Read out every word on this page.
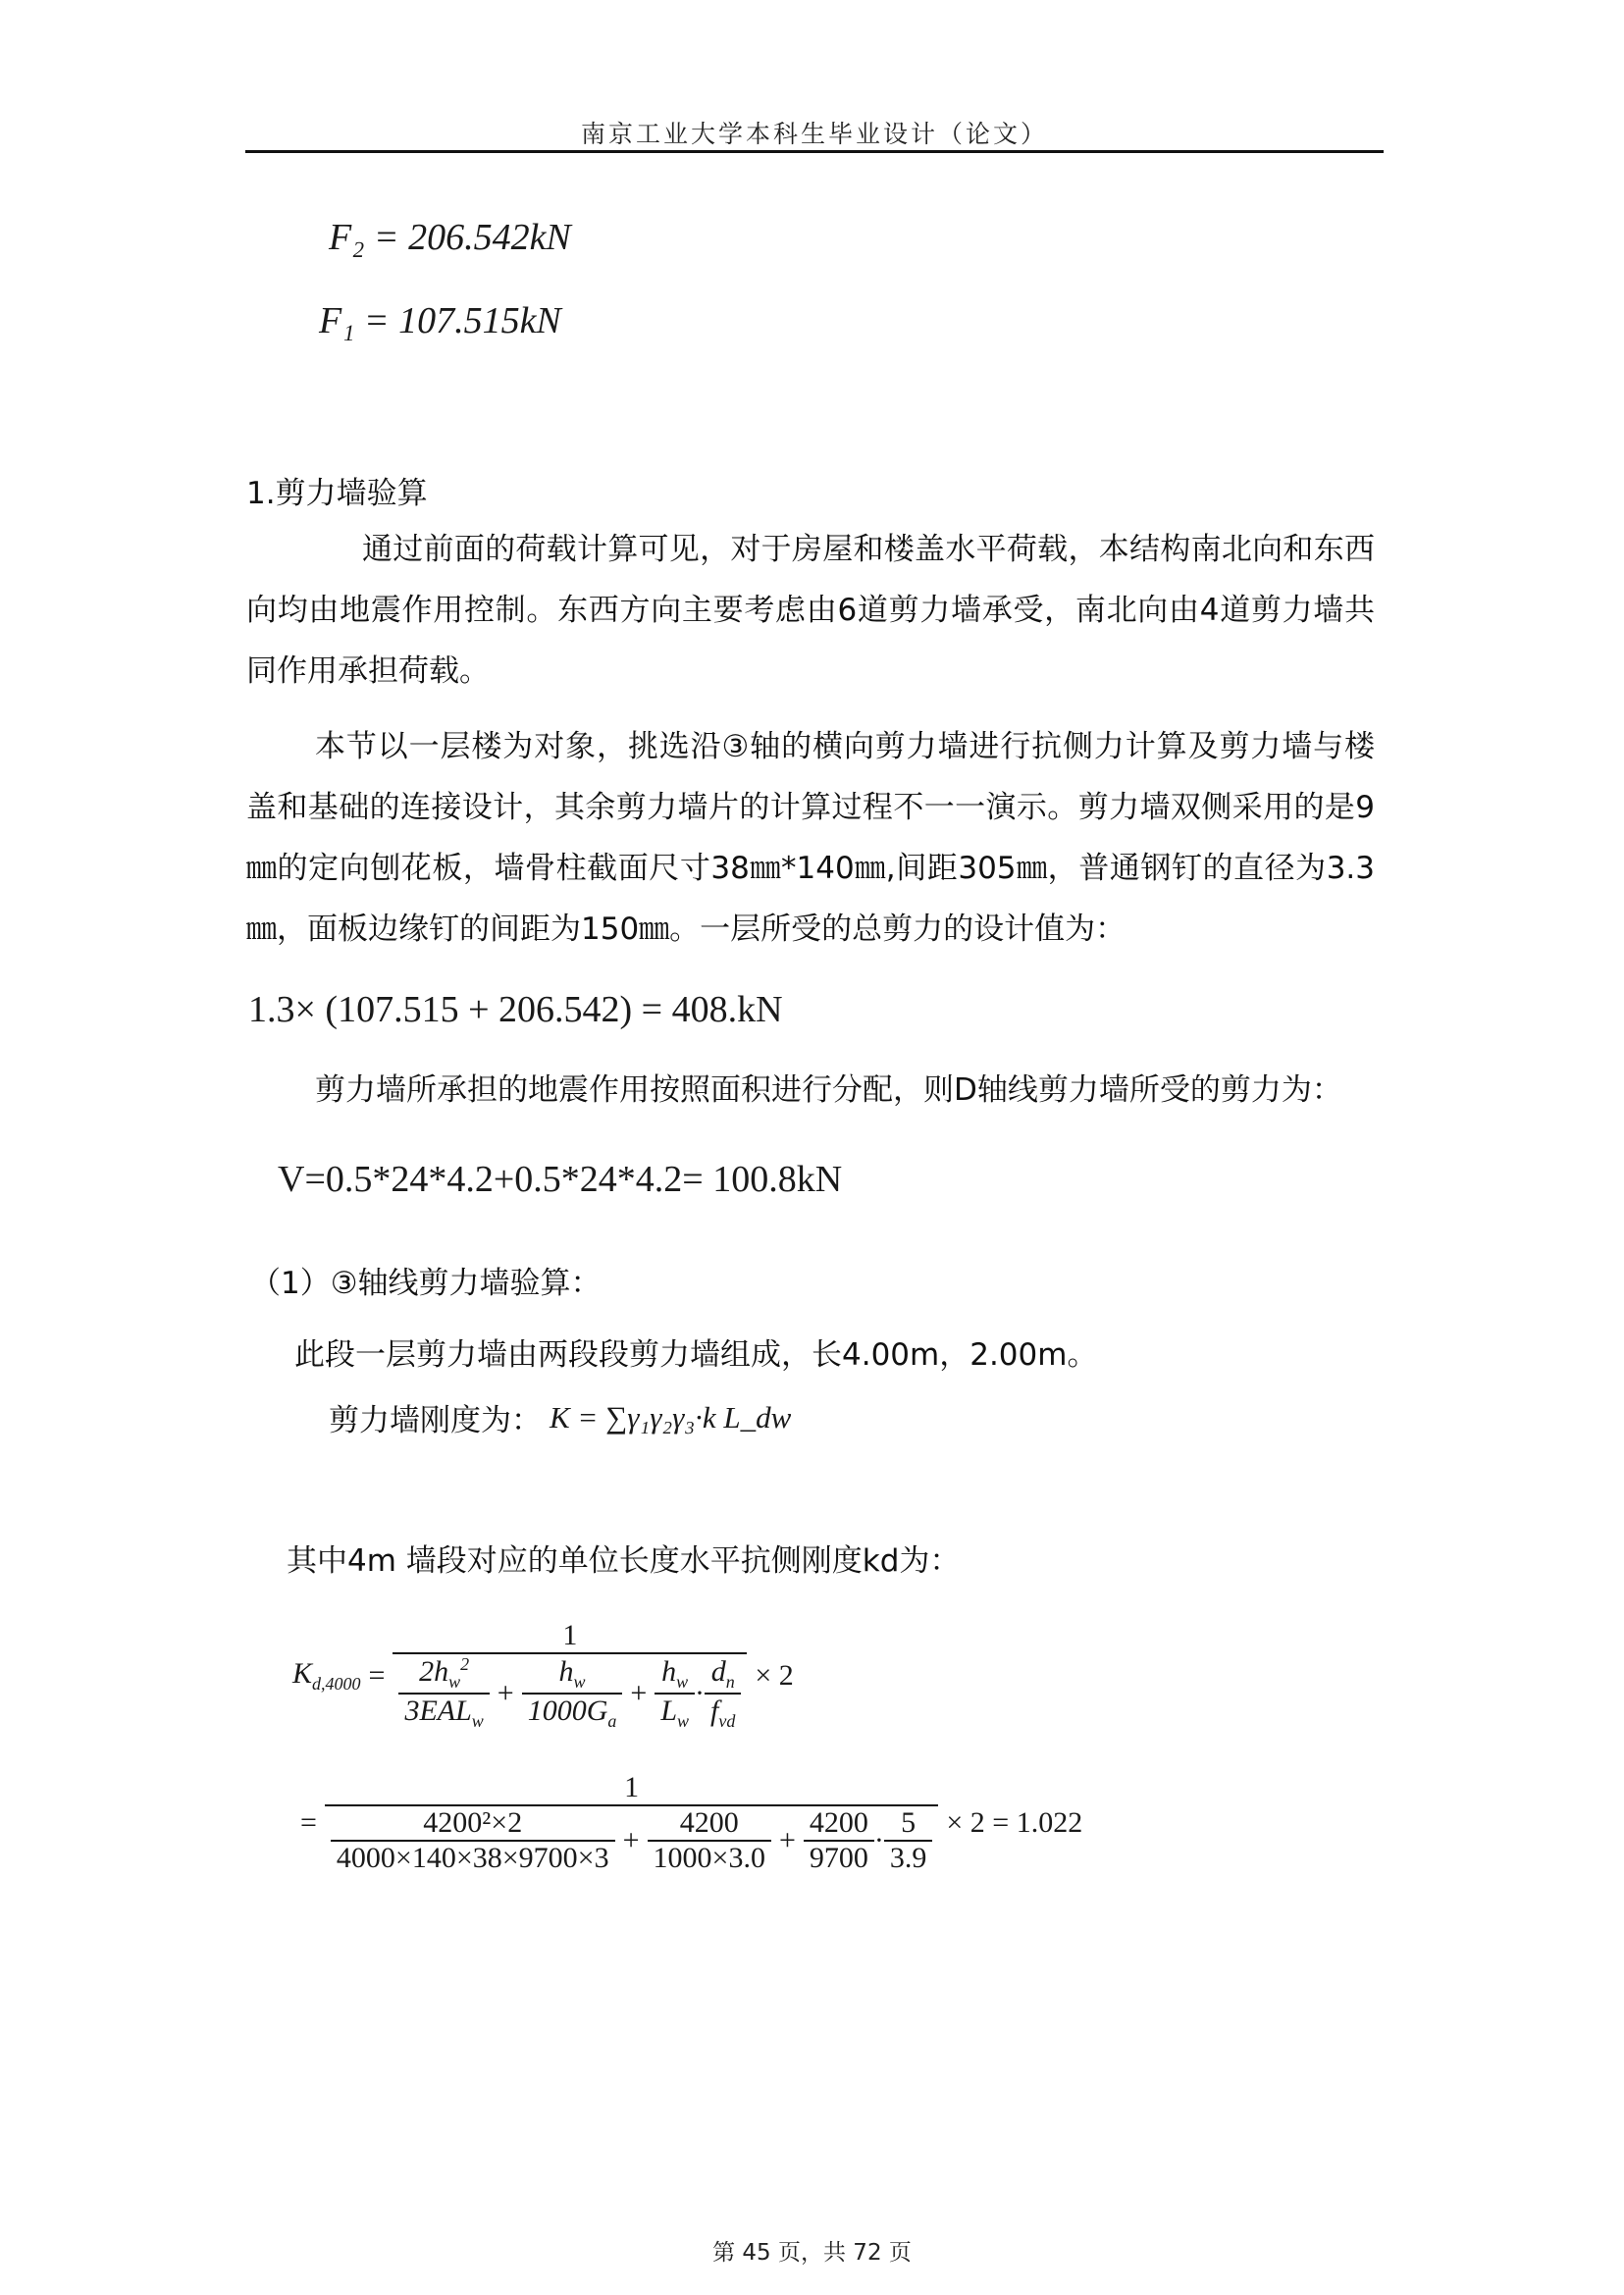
南京工业大学本科生毕业设计（论文）
F₂ = 206.542kN
F₁ = 107.515kN
1.剪力墙验算
通过前面的荷载计算可见，对于房屋和楼盖水平荷载，本结构南北向和东西向均由地震作用控制。东西方向主要考虑由6道剪力墙承受，南北向由4道剪力墙共同作用承担荷载。
本节以一层楼为对象，挑选沿③轴的横向剪力墙进行抗侧力计算及剪力墙与楼盖和基础的连接设计，其余剪力墙片的计算过程不一一演示。剪力墙双侧采用的是9㎜的定向刨花板，墙骨柱截面尺寸38㎜*140㎜,间距305㎜，普通钢钉的直径为3.3㎜，面板边缘钉的间距为150㎜。一层所受的总剪力的设计值为：
1.3× (107.515 + 206.542) = 408.kN
剪力墙所承担的地震作用按照面积进行分配，则D轴线剪力墙所受的剪力为：
V=0.5*24*4.2+0.5*24*4.2= 100.8kN
（1）③轴线剪力墙验算：
此段一层剪力墙由两段段剪力墙组成，长4.00m，2.00m。
剪力墙刚度为： K = ∑γ₁γ₂γ₃·k L_dw
其中4m 墙段对应的单位长度水平抗侧刚度kd为：
$K_{d,4000}$ =
1
$\frac{2h_w^2}{3EAL_w} + \frac{h_w}{1000G_a} + \frac{h_w}{L_w} \cdot \frac{d_n}{f_{vd}} \times 2$
=
1
$\frac{\text{4200²×2}}{4000\times 140\times 38\times 9700\times 3} + \frac{4200}{1000\times 3.0} + \frac{4200}{9700} \cdot \frac{5}{3.9} \times 2 = 1.022$
第 45 页，共 72 页
